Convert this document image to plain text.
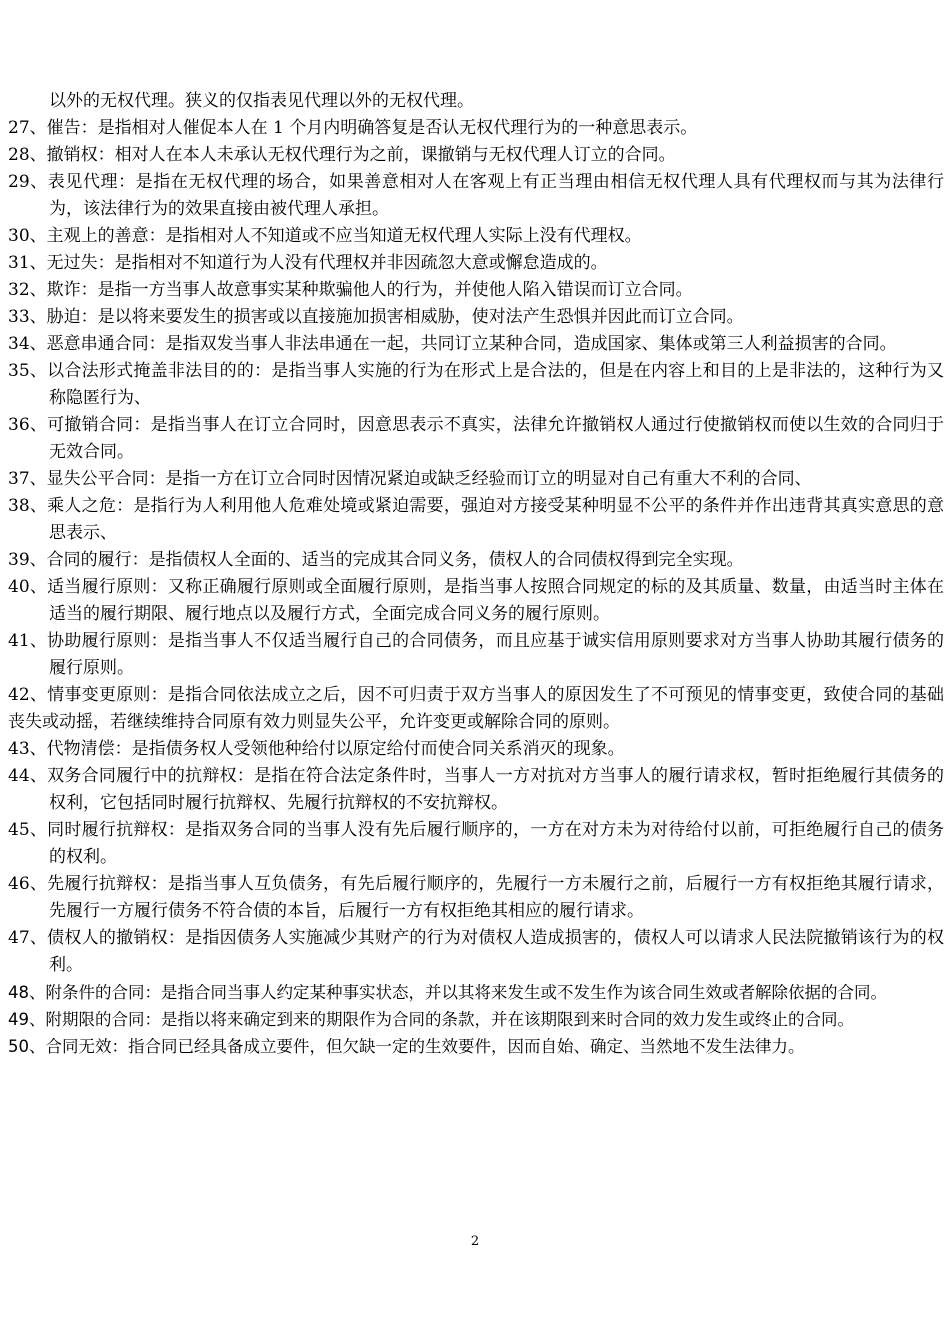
以外的无权代理。狭义的仅指表见代理以外的无权代理。

27、催告：是指相对人催促本人在 1 个月内明确答复是否认无权代理行为的一种意思表示。

28、撤销权：相对人在本人未承认无权代理行为之前，课撤销与无权代理人订立的合同。

29、表见代理：是指在无权代理的场合，如果善意相对人在客观上有正当理由相信无权代理人具有代理权而与其为法律行为，该法律行为的效果直接由被代理人承担。

30、主观上的善意：是指相对人不知道或不应当知道无权代理人实际上没有代理权。

31、无过失：是指相对不知道行为人没有代理权并非因疏忽大意或懈怠造成的。

32、欺诈：是指一方当事人故意事实某种欺骗他人的行为，并使他人陷入错误而订立合同。

33、胁迫：是以将来要发生的损害或以直接施加损害相威胁，使对法产生恐惧并因此而订立合同。

34、恶意串通合同：是指双发当事人非法串通在一起，共同订立某种合同，造成国家、集体或第三人利益损害的合同。

35、以合法形式掩盖非法目的的：是指当事人实施的行为在形式上是合法的，但是在内容上和目的上是非法的，这种行为又称隐匿行为、

36、可撤销合同：是指当事人在订立合同时，因意思表示不真实，法律允许撤销权人通过行使撤销权而使以生效的合同归于无效合同。

37、显失公平合同：是指一方在订立合同时因情况紧迫或缺乏经验而订立的明显对自己有重大不利的合同、

38、乘人之危：是指行为人利用他人危难处境或紧迫需要，强迫对方接受某种明显不公平的条件并作出违背其真实意思的意思表示、

39、合同的履行：是指债权人全面的、适当的完成其合同义务，债权人的合同债权得到完全实现。

40、适当履行原则：又称正确履行原则或全面履行原则，是指当事人按照合同规定的标的及其质量、数量，由适当时主体在适当的履行期限、履行地点以及履行方式，全面完成合同义务的履行原则。

41、协助履行原则：是指当事人不仅适当履行自己的合同债务，而且应基于诚实信用原则要求对方当事人协助其履行债务的履行原则。

42、情事变更原则：是指合同依法成立之后，因不可归责于双方当事人的原因发生了不可预见的情事变更，致使合同的基础丧失或动摇，若继续维持合同原有效力则显失公平，允许变更或解除合同的原则。

43、代物清偿：是指债务权人受领他种给付以原定给付而使合同关系消灭的现象。

44、双务合同履行中的抗辩权：是指在符合法定条件时，当事人一方对抗对方当事人的履行请求权，暂时拒绝履行其债务的权利，它包括同时履行抗辩权、先履行抗辩权的不安抗辩权。

45、同时履行抗辩权：是指双务合同的当事人没有先后履行顺序的，一方在对方未为对待给付以前，可拒绝履行自己的债务的权利。

46、先履行抗辩权：是指当事人互负债务，有先后履行顺序的，先履行一方未履行之前，后履行一方有权拒绝其履行请求，先履行一方履行债务不符合债的本旨，后履行一方有权拒绝其相应的履行请求。

47、债权人的撤销权：是指因债务人实施减少其财产的行为对债权人造成损害的，债权人可以请求人民法院撤销该行为的权利。

48、附条件的合同：是指合同当事人约定某种事实状态，并以其将来发生或不发生作为该合同生效或者解除依据的合同。

49、附期限的合同：是指以将来确定到来的期限作为合同的条款，并在该期限到来时合同的效力发生或终止的合同。

50、合同无效：指合同已经具备成立要件，但欠缺一定的生效要件，因而自始、确定、当然地不发生法律力。

2
